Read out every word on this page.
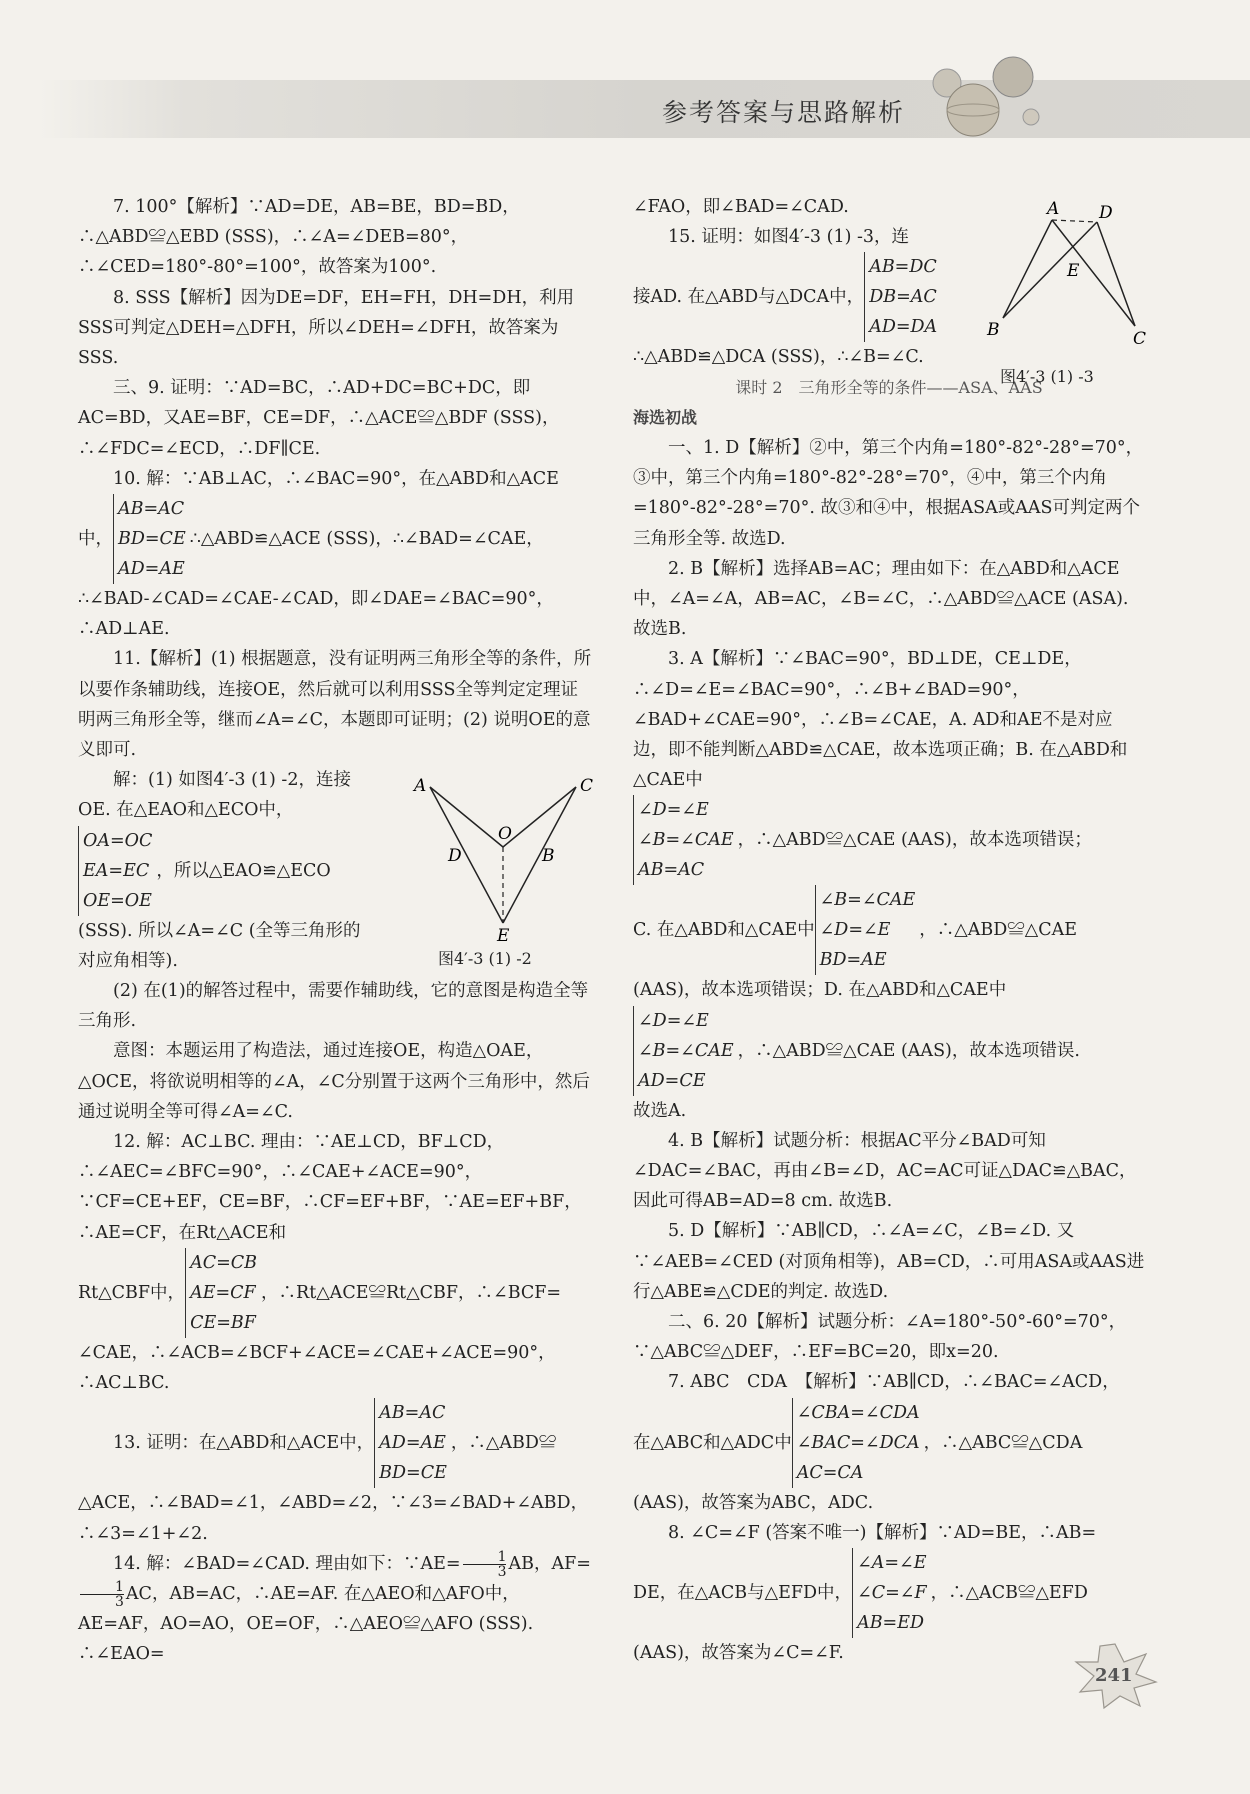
参考答案与思路解析

7. 100°【解析】∵AD=DE，AB=BE，BD=BD，∴△ABD≌△EBD (SSS)，∴∠A=∠DEB=80°，∴∠CED=180°-80°=100°，故答案为100°.

8. SSS【解析】因为DE=DF，EH=FH，DH=DH，利用SSS可判定△DEH=△DFH，所以∠DEH=∠DFH，故答案为SSS.

三、9. 证明：∵AD=BC，∴AD+DC=BC+DC，即AC=BD，又AE=BF，CE=DF，∴△ACE≌△BDF (SSS)，∴∠FDC=∠ECD，∴DF∥CE.

10. 解：∵AB⊥AC，∴∠BAC=90°，在△ABD和△ACE

中，
AB=AC
BD=CE
AD=AE
∴△ABD≌△ACE (SSS)，∴∠BAD=∠CAE，

∴∠BAD-∠CAD=∠CAE-∠CAD，即∠DAE=∠BAC=90°，∴AD⊥AE.

11.【解析】(1) 根据题意，没有证明两三角形全等的条件，所以要作条辅助线，连接OE，然后就可以利用SSS全等判定定理证明两三角形全等，继而∠A=∠C，本题即可证明；(2) 说明OE的意义即可.

解：(1) 如图4′-3 (1) -2，连接OE. 在△EAO和△ECO中，

OA=OC
EA=EC
OE=OE
，所以△EAO≌△ECO

(SSS). 所以∠A=∠C (全等三角形的对应角相等).

(2) 在(1)的解答过程中，需要作辅助线，它的意图是构造全等三角形.

意图：本题运用了构造法，通过连接OE，构造△OAE，△OCE，将欲说明相等的∠A，∠C分别置于这两个三角形中，然后通过说明全等可得∠A=∠C.

12. 解：AC⊥BC. 理由：∵AE⊥CD，BF⊥CD，∴∠AEC=∠BFC=90°，∴∠CAE+∠ACE=90°，∵CF=CE+EF，CE=BF，∴CF=EF+BF，∵AE=EF+BF，∴AE=CF，在Rt△ACE和

Rt△CBF中，
AC=CB
AE=CF
CE=BF
，∴Rt△ACE≌Rt△CBF，∴∠BCF=

∠CAE，∴∠ACB=∠BCF+∠ACE=∠CAE+∠ACE=90°，∴AC⊥BC.

13. 证明：在△ABD和△ACE中，
AB=AC
AD=AE
BD=CE
，∴△ABD≌

△ACE，∴∠BAD=∠1，∠ABD=∠2，∵∠3=∠BAD+∠ABD，∴∠3=∠1+∠2.

14. 解：∠BAD=∠CAD. 理由如下：∵AE= $\frac{1}{3}$ AB，AF=
$\frac{1}{3}$ AC，AB=AC，∴AE=AF. 在△AEO和△AFO中，AE=AF，AO=AO，OE=OF，∴△AEO≌△AFO (SSS). ∴∠EAO=

A	C
O
D	B
E
图4′-3 (1) -2

∠FAO，即∠BAD=∠CAD.

15. 证明：如图4′-3 (1) -3，连

接AD. 在△ABD与△DCA中，
AB=DC
DB=AC
AD=DA

∴△ABD≌△DCA (SSS)，∴∠B=∠C.

课时 2　三角形全等的条件——ASA、AAS

海选初战

一、1. D【解析】②中，第三个内角=180°-82°-28°=70°，③中，第三个内角=180°-82°-28°=70°，④中，第三个内角=180°-82°-28°=70°. 故③和④中，根据ASA或AAS可判定两个三角形全等. 故选D.

2. B【解析】选择AB=AC；理由如下：在△ABD和△ACE中，∠A=∠A，AB=AC，∠B=∠C，∴△ABD≌△ACE (ASA). 故选B.

3. A【解析】∵∠BAC=90°，BD⊥DE，CE⊥DE，∴∠D=∠E=∠BAC=90°，∴∠B+∠BAD=90°，∠BAD+∠CAE=90°，∴∠B=∠CAE，A. AD和AE不是对应边，即不能判断△ABD≌△CAE，故本选项正确；B. 在△ABD和△CAE中

∠D=∠E
∠B=∠CAE
AB=AC
，∴△ABD≌△CAE (AAS)，故本选项错误；
C. 在△ABD和△CAE中
∠B=∠CAE
∠D=∠E
BD=AE
，∴△ABD≌△CAE

(AAS)，故本选项错误；D. 在△ABD和△CAE中

∠D=∠E
∠B=∠CAE
AD=CE
，∴△ABD≌△CAE (AAS)，故本选项错误.

故选A.

4. B【解析】试题分析：根据AC平分∠BAD可知∠DAC=∠BAC，再由∠B=∠D，AC=AC可证△DAC≌△BAC，因此可得AB=AD=8 cm. 故选B.

5. D【解析】∵AB∥CD，∴∠A=∠C，∠B=∠D. 又∵∠AEB=∠CED (对顶角相等)，AB=CD，∴可用ASA或AAS进行△ABE≌△CDE的判定. 故选D.

二、6. 20【解析】试题分析：∠A=180°-50°-60°=70°，∵△ABC≌△DEF，∴EF=BC=20，即x=20.

7. ABC　CDA　【解析】∵AB∥CD，∴∠BAC=∠ACD，

在△ABC和△ADC中
∠CBA=∠CDA
∠BAC=∠DCA
AC=CA
，∴△ABC≌△CDA

(AAS)，故答案为ABC，ADC.

8. ∠C=∠F (答案不唯一)【解析】∵AD=BE，∴AB=

DE，在△ACB与△EFD中，
∠A=∠E
∠C=∠F
AB=ED
，∴△ACB≌△EFD

(AAS)，故答案为∠C=∠F.

A D
E
B	C
图4′-3 (1) -3
241
